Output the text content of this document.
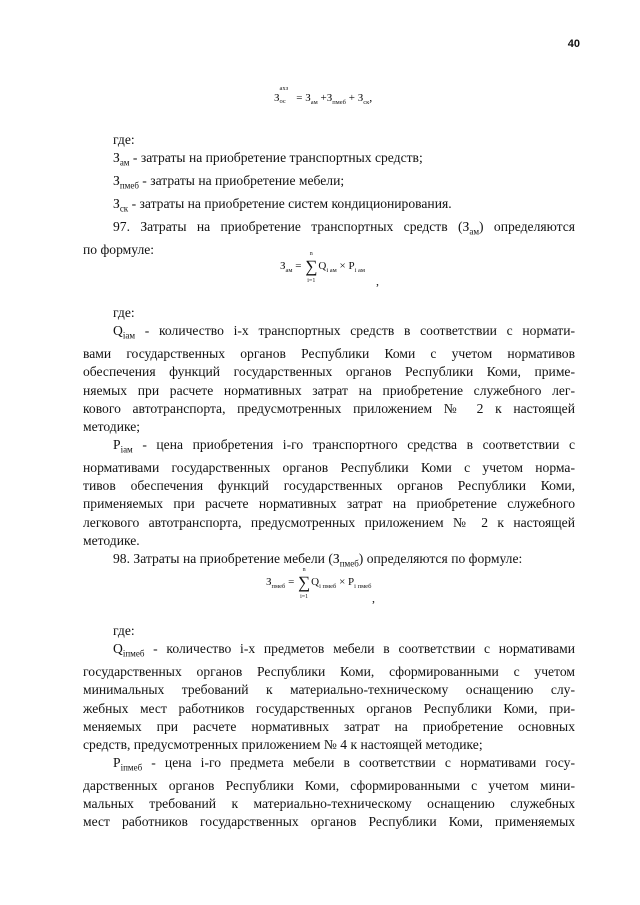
40
З
ахз
ос = $З_{ам} +З_{пмеб} + З_{ск}$,
где:
$З_{ам}$ - затраты на приобретение транспортных средств;
$З_{пмеб}$ - затраты на приобретение мебели;
$З_{ск}$ - затраты на приобретение систем кондиционирования.
97. Затраты на приобретение транспортных средств $(З_{ам})$ определяются
по формуле:
$З_{ам}$ = ∑
n
i=1
$Q_{i ам} \times P_{i ам}$
,
где:
$Q_{iам}$ - количество i-х транспортных средств в соответствии с нормати-
вами государственных органов Республики Коми с учетом нормативов
обеспечения функций государственных органов Республики Коми, приме-
няемых при расчете нормативных затрат на приобретение служебного лег-
кового автотранспорта, предусмотренных приложением № 2 к настоящей
методике;
$P_{iам}$ - цена приобретения i-го транспортного средства в соответствии с
нормативами государственных органов Республики Коми с учетом норма-
тивов обеспечения функций государственных органов Республики Коми,
применяемых при расчете нормативных затрат на приобретение служебного
легкового автотранспорта, предусмотренных приложением № 2 к настоящей
методике.
98. Затраты на приобретение мебели $(З_{пмеб})$ определяются по формуле:
$З_{пмеб}$ = ∑
n
i=1
$Q_{i пмеб} \times P_{i пмеб}$
,
где:
$Q_{iпмеб}$ - количество i-х предметов мебели в соответствии с нормативами
государственных органов Республики Коми, сформированными с учетом
минимальных требований к материально-техническому оснащению слу-
жебных мест работников государственных органов Республики Коми, при-
меняемых при расчете нормативных затрат на приобретение основных
средств, предусмотренных приложением № 4 к настоящей методике;
$P_{iпмеб}$ - цена i-го предмета мебели в соответствии с нормативами госу-
дарственных органов Республики Коми, сформированными с учетом мини-
мальных требований к материально-техническому оснащению служебных
мест работников государственных органов Республики Коми, применяемых
